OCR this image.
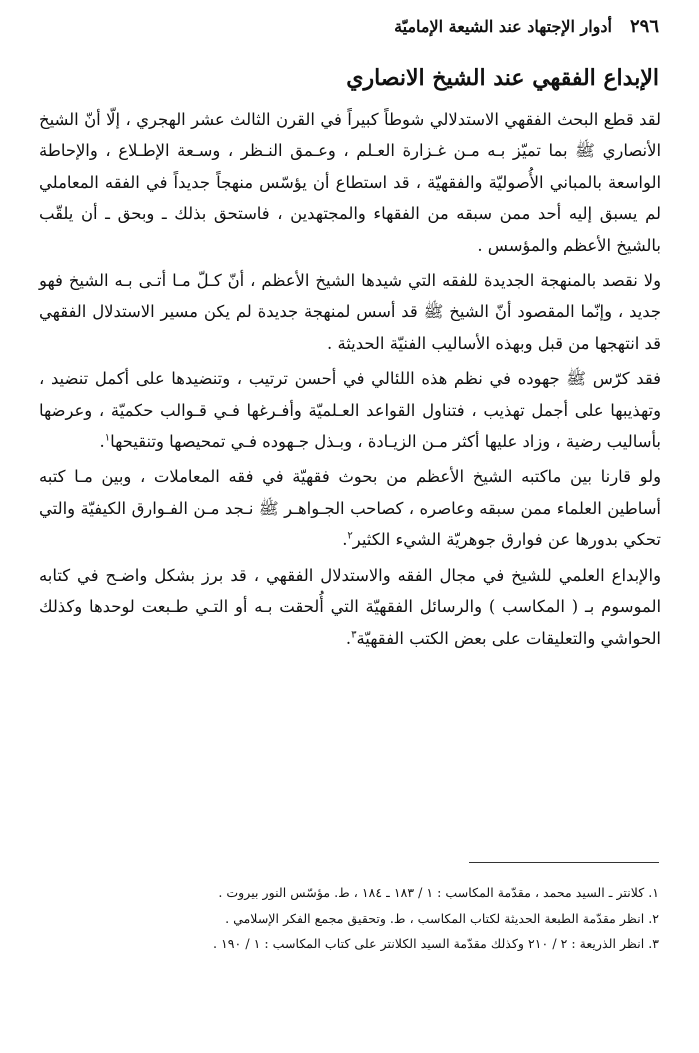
٢٩٦
أدوار الإجتهاد عند الشيعة الإماميّة
الإبداع الفقهي عند الشيخ الانصاري

لقد قطع البحث الفقهي الاستدلالي شوطاً كبيراً في القرن الثالث عشر الهجري ، إلّا أنّ الشيخ الأنصاري ﷺ بما تميّز بـه مـن غـزارة العـلم ، وعـمق النـظر ، وسـعة الإطـلاع ، والإحاطة الواسعة بالمباني الأُصوليّة والفقهيّة ، قد استطاع أن يؤسّس منهجاً جديداً في الفقه المعاملي لم يسبق إليه أحد ممن سبقه من الفقهاء والمجتهدين ، فاستحق بذلك ـ وبحق ـ أن يلقّب بالشيخ الأعظم والمؤسس .

ولا نقصد بالمنهجة الجديدة للفقه التي شيدها الشيخ الأعظم ، أنّ كـلّ مـا أتـى بـه الشيخ فهو جديد ، وإنّما المقصود أنّ الشيخ ﷺ قد أسس لمنهجة جديدة لم يكن مسير الاستدلال الفقهي قد انتهجها من قبل وبهذه الأساليب الفنيّة الحديثة .

فقد كرّس ﷺ جهوده في نظم هذه اللئالي في أحسن ترتيب ، وتنضيدها على أكمل تنضيد ، وتهذيبها على أجمل تهذيب ، فتناول القواعد العـلميّة وأفـرغها فـي قـوالب حكميّة ، وعرضها بأساليب رضية ، وزاد عليها أكثر مـن الزيـادة ، وبـذل جـهوده فـي تمحيصها وتنقيحها$^١$.

ولو قارنا بين ماكتبه الشيخ الأعظم من بحوث فقهيّة في فقه المعاملات ، وبين مـا كتبه أساطين العلماء ممن سبقه وعاصره ، كصاحب الجـواهـر ﷺ نـجد مـن الفـوارق الكيفيّة والتي تحكي بدورها عن فوارق جوهريّة الشيء الكثير$^٢$.

والإبداع العلمي للشيخ في مجال الفقه والاستدلال الفقهي ، قد برز بشكل واضـح في كتابه الموسوم بـ ( المكاسب ) والرسائل الفقهيّة التي أُلحقت بـه أو التـي طـبعت لوحدها وكذلك الحواشي والتعليقات على بعض الكتب الفقهيّة$^٣$.

١. كلانتر ـ السيد محمد ، مقدّمة المكاسب : ١ / ١٨٣ ـ ١٨٤ ، ط. مؤسّس النور بيروت .

٢. انظر مقدّمة الطبعة الحديثة لكتاب المكاسب ، ط. وتحقيق مجمع الفكر الإسلامي .

٣. انظر الذريعة : ٢ / ٢١٠ وكذلك مقدّمة السيد الكلانتر على كتاب المكاسب : ١ / ١٩٠ .
